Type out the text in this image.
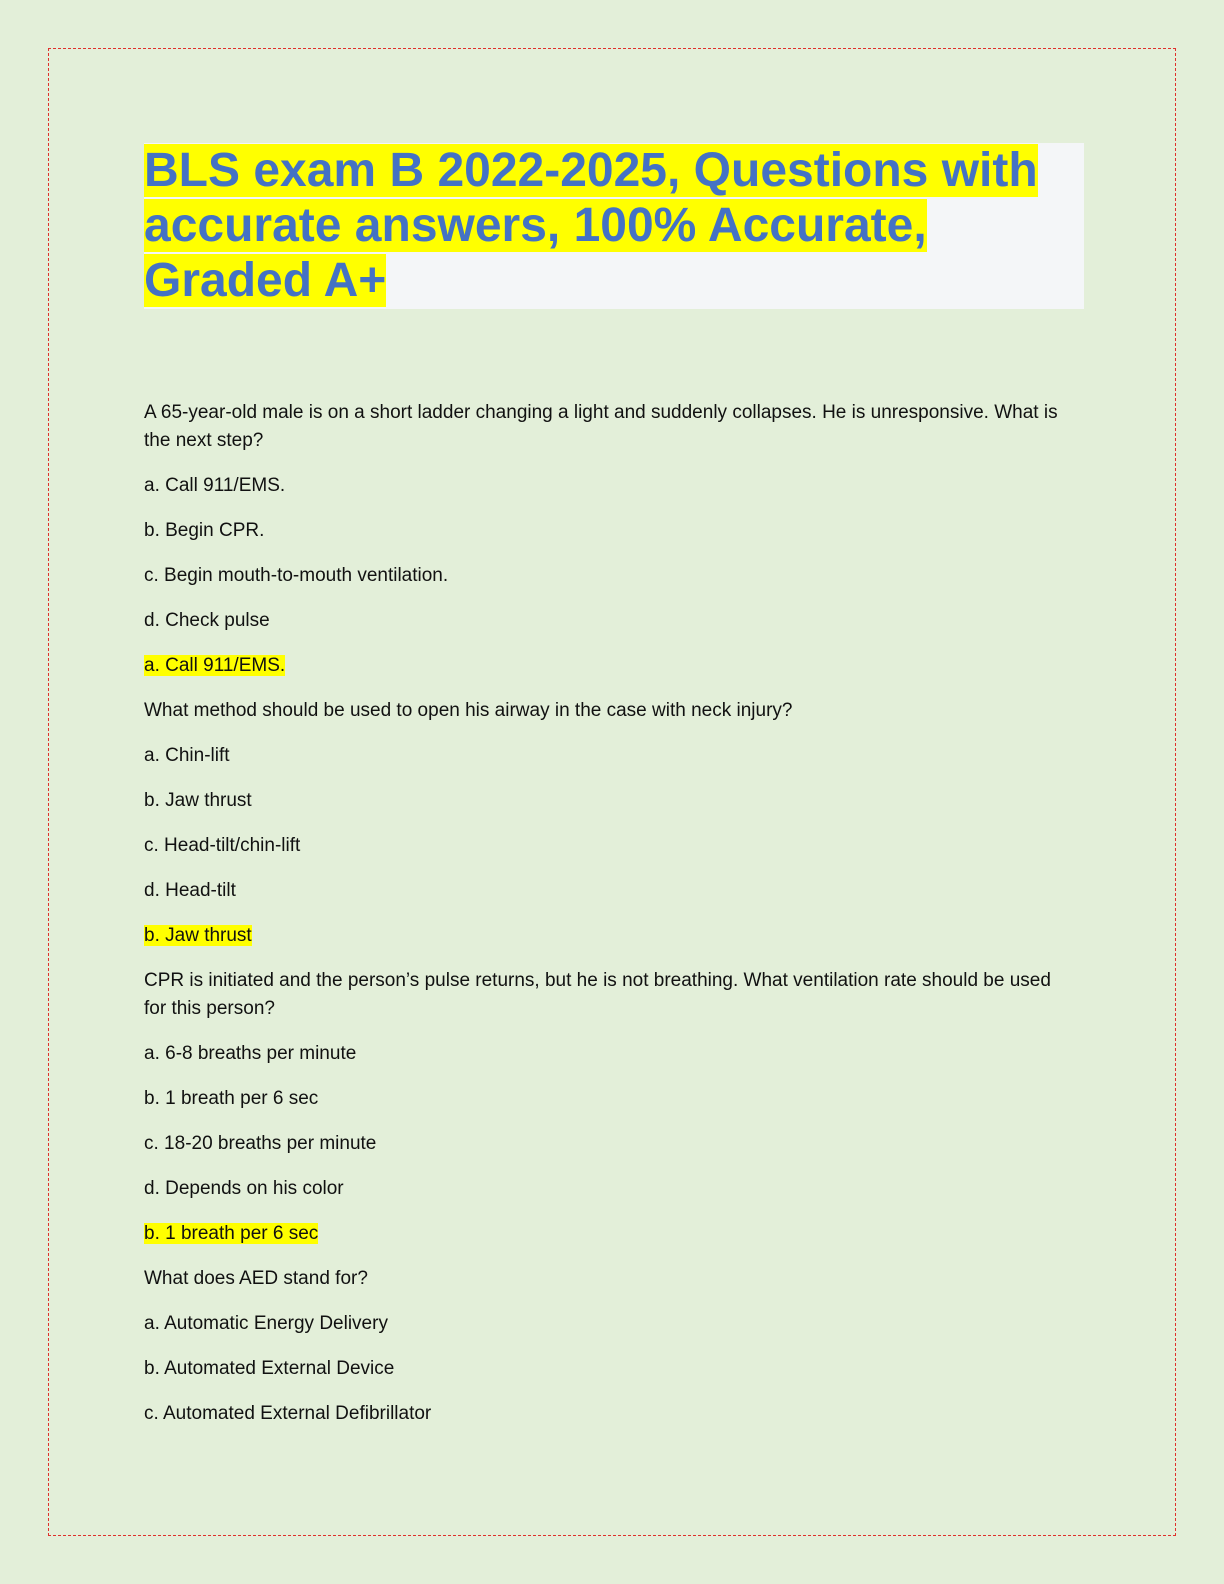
BLS exam B 2022-2025, Questions with accurate answers, 100% Accurate, Graded A+

A 65-year-old male is on a short ladder changing a light and suddenly collapses. He is unresponsive. What is the next step?

a. Call 911/EMS.

b. Begin CPR.

c. Begin mouth-to-mouth ventilation.

d. Check pulse

a. Call 911/EMS.

What method should be used to open his airway in the case with neck injury?

a. Chin-lift

b. Jaw thrust

c. Head-tilt/chin-lift

d. Head-tilt

b. Jaw thrust

CPR is initiated and the person’s pulse returns, but he is not breathing. What ventilation rate should be used for this person?

a. 6-8 breaths per minute

b. 1 breath per 6 sec

c. 18-20 breaths per minute

d. Depends on his color

b. 1 breath per 6 sec

What does AED stand for?

a. Automatic Energy Delivery

b. Automated External Device

c. Automated External Defibrillator
